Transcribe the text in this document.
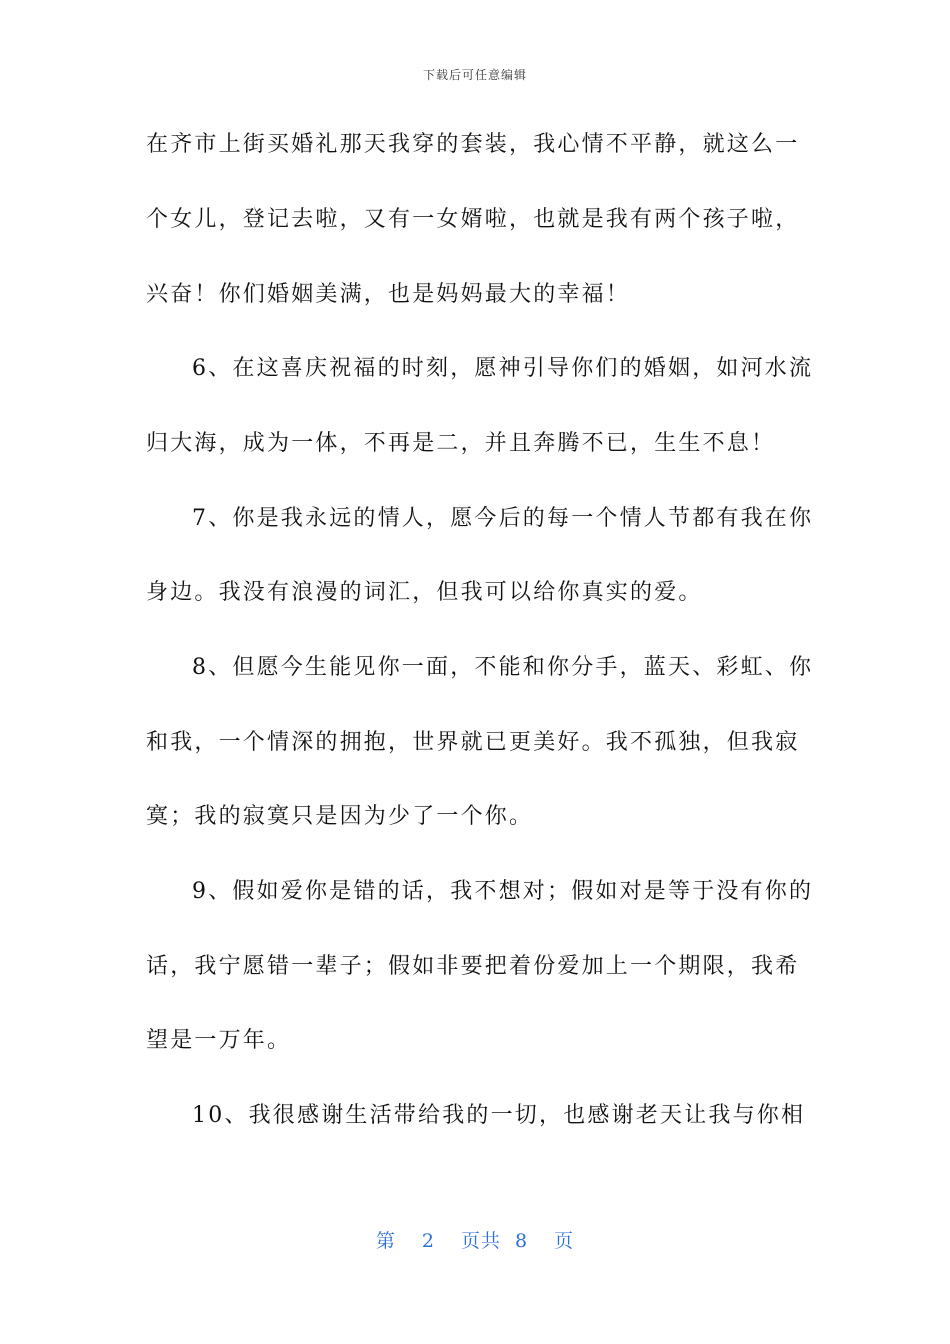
下载后可任意编辑
在齐市上街买婚礼那天我穿的套装，我心情不平静，就这么一
个女儿，登记去啦，又有一女婿啦，也就是我有两个孩子啦，
兴奋！你们婚姻美满，也是妈妈最大的幸福！
6、在这喜庆祝福的时刻，愿神引导你们的婚姻，如河水流
归大海，成为一体，不再是二，并且奔腾不已，生生不息！
7、你是我永远的情人，愿今后的每一个情人节都有我在你
身边。我没有浪漫的词汇，但我可以给你真实的爱。
8、但愿今生能见你一面，不能和你分手，蓝天、彩虹、你
和我，一个情深的拥抱，世界就已更美好。我不孤独，但我寂
寞；我的寂寞只是因为少了一个你。
9、假如爱你是错的话，我不想对；假如对是等于没有你的
话，我宁愿错一辈子；假如非要把着份爱加上一个期限，我希
望是一万年。
10、我很感谢生活带给我的一切，也感谢老天让我与你相
第 2 页共 8 页
